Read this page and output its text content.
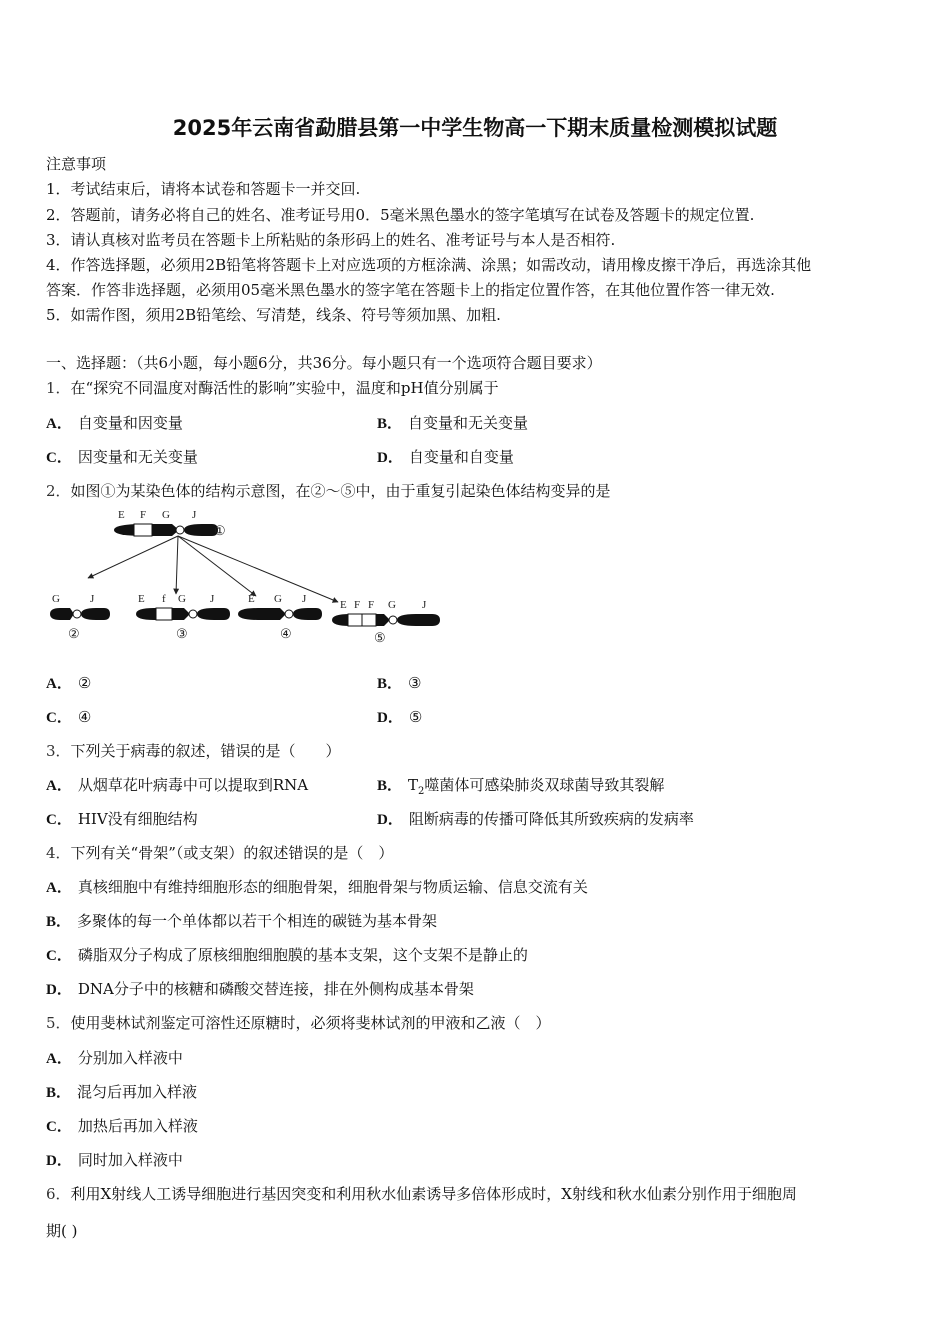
2025年云南省勐腊县第一中学生物高一下期末质量检测模拟试题
注意事项
1．考试结束后，请将本试卷和答题卡一并交回.
2．答题前，请务必将自己的姓名、准考证号用0．5毫米黑色墨水的签字笔填写在试卷及答题卡的规定位置.
3．请认真核对监考员在答题卡上所粘贴的条形码上的姓名、准考证号与本人是否相符.
4．作答选择题，必须用2B铅笔将答题卡上对应选项的方框涂满、涂黑；如需改动，请用橡皮擦干净后，再选涂其他
答案．作答非选择题，必须用05毫米黑色墨水的签字笔在答题卡上的指定位置作答，在其他位置作答一律无效.
5．如需作图，须用2B铅笔绘、写清楚，线条、符号等须加黑、加粗.
一、选择题：（共6小题，每小题6分，共36分。每小题只有一个选项符合题目要求）
1．在“探究不同温度对酶活性的影响”实验中，温度和pH值分别属于
A． 自变量和因变量	B． 自变量和无关变量
C． 因变量和无关变量	D． 自变量和自变量
2．如图①为某染色体的结构示意图，在②～⑤中，由于重复引起染色体结构变异的是
E F G J
①
G	J
②
E f G J
③
E G J
④
E F F G J
⑤
A． ②	B． ③
C． ④	D． ⑤
3．下列关于病毒的叙述，错误的是（　　）
A． 从烟草花叶病毒中可以提取到RNA	B． $T_2$噬菌体可感染肺炎双球菌导致其裂解
C． HIV没有细胞结构	D． 阻断病毒的传播可降低其所致疾病的发病率
4．下列有关“骨架”（或支架）的叙述错误的是（　）
A． 真核细胞中有维持细胞形态的细胞骨架，细胞骨架与物质运输、信息交流有关
B． 多聚体的每一个单体都以若干个相连的碳链为基本骨架
C． 磷脂双分子构成了原核细胞细胞膜的基本支架，这个支架不是静止的
D． DNA分子中的核糖和磷酸交替连接，排在外侧构成基本骨架
5．使用斐林试剂鉴定可溶性还原糖时，必须将斐林试剂的甲液和乙液（　）
A． 分别加入样液中
B． 混匀后再加入样液
C． 加热后再加入样液
D． 同时加入样液中
6．利用X射线人工诱导细胞进行基因突变和利用秋水仙素诱导多倍体形成时，X射线和秋水仙素分别作用于细胞周
期( )
